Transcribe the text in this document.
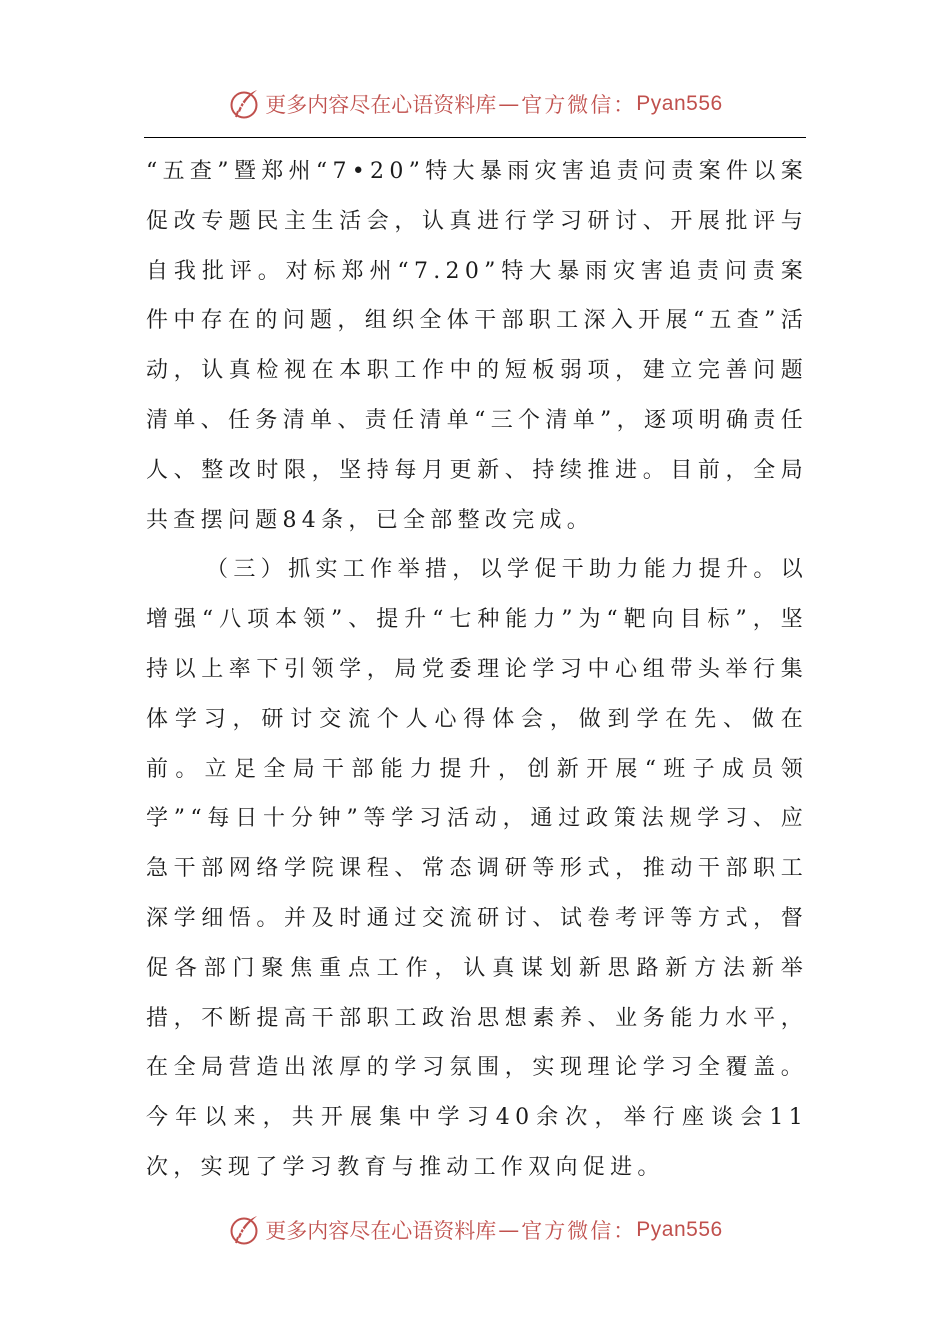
更多内容尽在心语资料库 — 官方微信： Pyan556

“五查”暨郑州“7•20”特大暴雨灾害追责问责案件以案促改专题民主生活会，认真进行学习研讨、开展批评与自我批评。对标郑州“7.20”特大暴雨灾害追责问责案件中存在的问题，组织全体干部职工深入开展“五查”活动，认真检视在本职工作中的短板弱项，建立完善问题清单、任务清单、责任清单“三个清单”，逐项明确责任人、整改时限，坚持每月更新、持续推进。目前，全局共查摆问题84条，已全部整改完成。

（三）抓实工作举措，以学促干助力能力提升。以增强“八项本领”、提升“七种能力”为“靶向目标”，坚持以上率下引领学，局党委理论学习中心组带头举行集体学习，研讨交流个人心得体会，做到学在先、做在前。立足全局干部能力提升，创新开展“班子成员领学”“每日十分钟”等学习活动，通过政策法规学习、应急干部网络学院课程、常态调研等形式，推动干部职工深学细悟。并及时通过交流研讨、试卷考评等方式，督促各部门聚焦重点工作，认真谋划新思路新方法新举措，不断提高干部职工政治思想素养、业务能力水平，在全局营造出浓厚的学习氛围，实现理论学习全覆盖。今年以来，共开展集中学习40余次，举行座谈会11次，实现了学习教育与推动工作双向促进。

更多内容尽在心语资料库 — 官方微信： Pyan556
